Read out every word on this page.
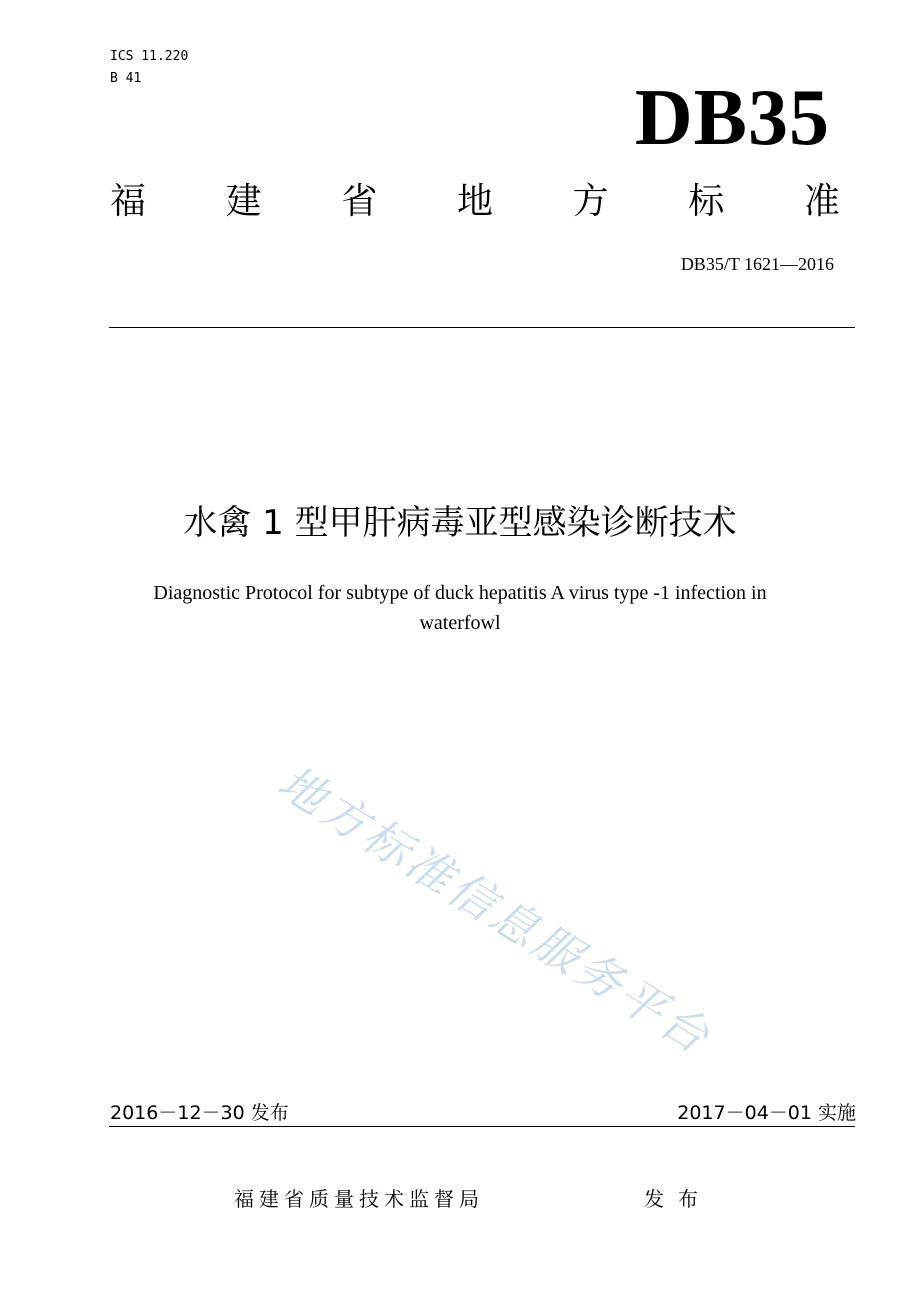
ICS 11.220
B 41	DB35
福 建 省 地 方 标 准
DB35/T 1621—2016
水禽 1 型甲肝病毒亚型感染诊断技术
Diagnostic Protocol for subtype of duck hepatitis A virus type -1 infection in
waterfowl
地方标准信息服务平台
2016－12－30 发布	2017－04－01 实施
福建省质量技术监督局	发布
